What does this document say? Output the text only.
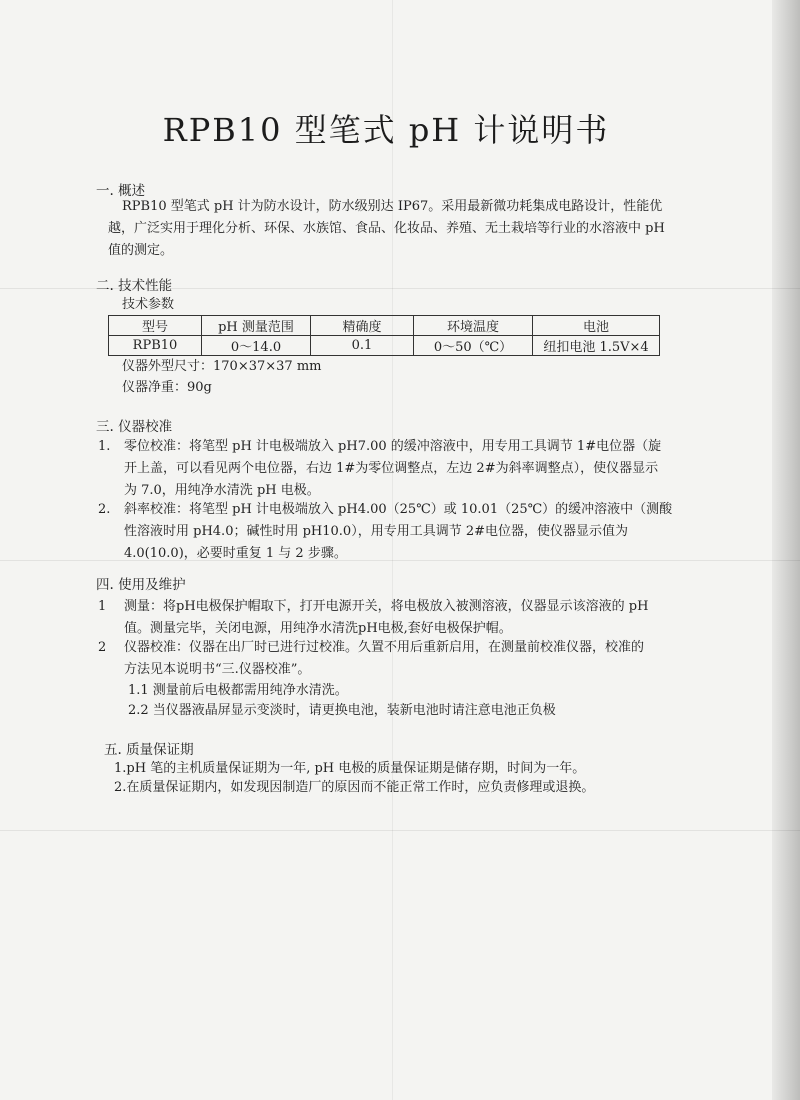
RPB10 型笔式 pH 计说明书
一. 概述

RPB10 型笔式 pH 计为防水设计，防水级别达 IP67。采用最新微功耗集成电路设计，性能优

越，广泛实用于理化分析、环保、水族馆、食品、化妆品、养殖、无土栽培等行业的水溶液中 pH

值的测定。

二. 技术性能
技术参数
型号	pH 测量范围	精确度	环境温度	电池
RPB10	0～14.0	0.1	0～50（℃）	纽扣电池 1.5V×4
仪器外型尺寸：170×37×37 mm
仪器净重：90g
三. 仪器校准
1. 零位校准：将笔型 pH 计电极端放入 pH7.00 的缓冲溶液中，用专用工具调节 1#电位器（旋

开上盖，可以看见两个电位器，右边 1#为零位调整点，左边 2#为斜率调整点），使仪器显示

为 7.0，用纯净水清洗 pH 电极。

2. 斜率校准：将笔型 pH 计电极端放入 pH4.00（25℃）或 10.01（25℃）的缓冲溶液中（测酸

性溶液时用 pH4.0；碱性时用 pH10.0），用专用工具调节 2#电位器，使仪器显示值为

4.0(10.0)，必要时重复 1 与 2 步骤。

四. 使用及维护
1 测量：将pH电极保护帽取下，打开电源开关，将电极放入被测溶液，仪器显示该溶液的 pH

值。测量完毕，关闭电源，用纯净水清洗pH电极,套好电极保护帽。

2 仪器校准：仪器在出厂时已进行过校准。久置不用后重新启用，在测量前校准仪器，校准的

方法见本说明书“三.仪器校准”。

1.1 测量前后电极都需用纯净水清洗。
2.2 当仪器液晶屏显示变淡时，请更换电池，装新电池时请注意电池正负极
五. 质量保证期
1.pH 笔的主机质量保证期为一年, pH 电极的质量保证期是储存期，时间为一年。
2.在质量保证期内，如发现因制造厂的原因而不能正常工作时，应负责修理或退换。
